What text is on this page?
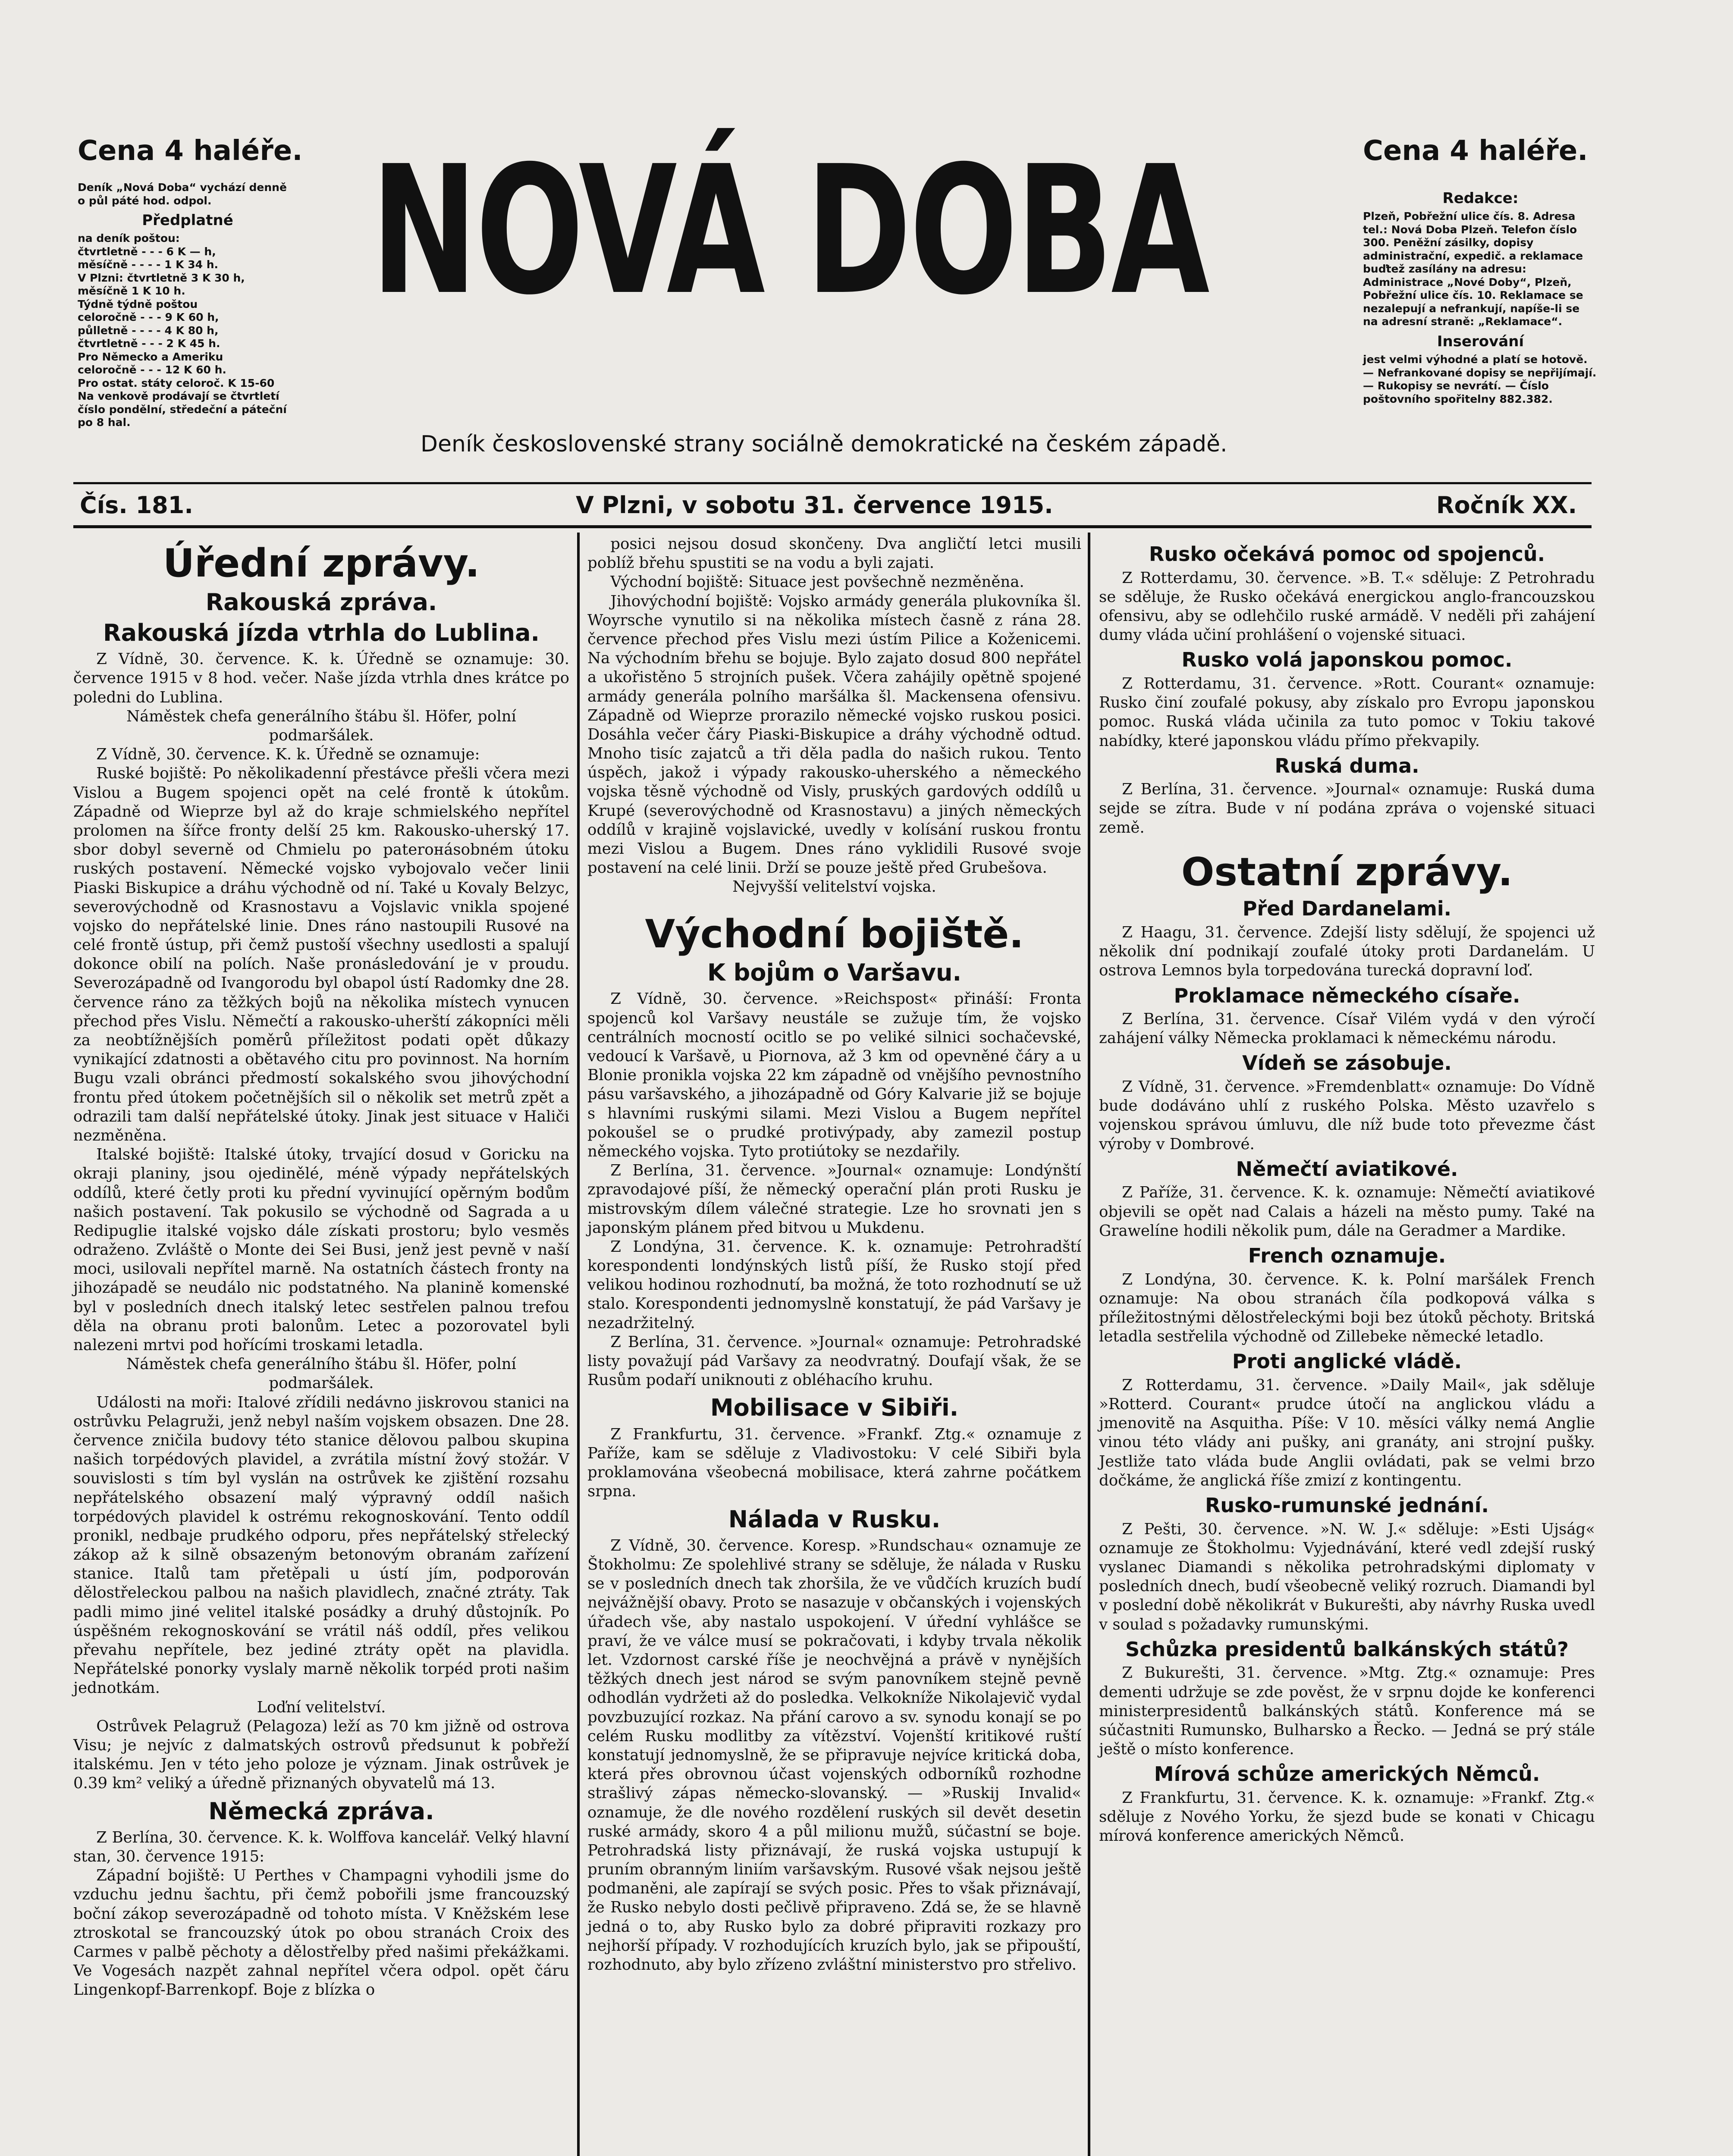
Cena 4 haléře.	Cena 4 haléře.
Deník „Nová Doba“ vychází denně o půl páté hod. odpol.
Předplatné
na deník poštou:
čtvrtletně - - - 6 K — h,
měsíčně - - - - 1 K 34 h.
V Plzni: čtvrtletně 3 K 30 h,
měsíčně 1 K 10 h.
Týdně týdně poštou
celoročně - - - 9 K 60 h,
půlletně - - - - 4 K 80 h,
čtvrtletně - - - 2 K 45 h.
Pro Německo a Ameriku
celoročně - - - 12 K 60 h.
Pro ostat. státy celoroč. K 15-60
Na venkově prodávají se čtvrtletí číslo pondělní, středeční a páteční po 8 hal.
NOVÁ DOBA
Deník československé strany sociálně demokratické na českém západě.
Redakce:
Plzeň, Pobřežní ulice čís. 8. Adresa tel.: Nová Doba Plzeň. Telefon číslo 300. Peněžní zásilky, dopisy administrační, expedič. a reklamace buďtež zasílány na adresu: Administrace „Nové Doby“, Plzeň, Pobřežní ulice čís. 10. Reklamace se nezalepují a nefrankují, napíše-li se na adresní straně: „Reklamace“.
Inserování
jest velmi výhodné a platí se hotově. — Nefrankované dopisy se nepřijímají. — Rukopisy se nevrátí. — Číslo poštovního spořitelny 882.382.
Čís. 181.	V Plzni, v sobotu 31. července 1915.	Ročník XX.
Úřední zprávy.
Rakouská zpráva.
Rakouská jízda vtrhla do Lublina.

Z Vídně, 30. července. K. k. Úředně se oznamuje: 30. července 1915 v 8 hod. večer. Naše jízda vtrhla dnes krátce po poledni do Lublina.

Náměstek chefa generálního štábu šl. Höfer, polní podmaršálek.

Z Vídně, 30. července. K. k. Úředně se oznamuje:

Ruské bojiště: Po několikadenní přestávce přešli včera mezi Vislou a Bugem spojenci opět na celé frontě k útokům. Západně od Wieprze byl až do kraje schmielského nepřítel prolomen na šířce fronty delší 25 km. Rakousko-uherský 17. sbor dobyl severně od Chmielu po paterонásobném útoku ruských postavení. Německé vojsko vybojovalo večer linii Piaski Biskupice a dráhu východně od ní. Také u Kovaly Belzyc, severovýchodně od Krasnostavu a Vojslavic vnikla spojené vojsko do nepřátelské linie. Dnes ráno nastoupili Rusové na celé frontě ústup, při čemž pustoší všechny usedlosti a spalují dokonce obilí na polích. Naše pronásledování je v proudu. Severozápadně od Ivangorodu byl obapol ústí Radomky dne 28. července ráno za těžkých bojů na několika místech vynucen přechod přes Vislu. Němečtí a rakousko-uherští zákopníci měli za neobtížnějších poměrů příležitost podati opět důkazy vynikající zdatnosti a obětavého citu pro povinnost. Na horním Bugu vzali obránci předmostí sokalského svou jihovýchodní frontu před útokem početnějších sil o několik set metrů zpět a odrazili tam další nepřátelské útoky. Jinak jest situace v Haliči nezměněna.

Italské bojiště: Italské útoky, trvající dosud v Goricku na okraji planiny, jsou ojedinělé, méně výpady nepřátelských oddílů, které četly proti ku přední vyvinující opěrným bodům našich postavení. Tak pokusilo se východně od Sagrada a u Redipuglie italské vojsko dále získati prostoru; bylo vesměs odraženo. Zvláště o Monte dei Sei Busi, jenž jest pevně v naší moci, usilovali nepřítel marně. Na ostatních částech fronty na jihozápadě se neudálo nic podstatného. Na planině komenské byl v posledních dnech italský letec sestřelen palnou trefou děla na obranu proti balonům. Letec a pozorovatel byli nalezeni mrtvi pod hořícími troskami letadla.

Náměstek chefa generálního štábu šl. Höfer, polní podmaršálek.

Události na moři: Italové zřídili nedávno jiskrovou stanici na ostrůvku Pelagruži, jenž nebyl naším vojskem obsazen. Dne 28. července zničila budovy této stanice dělovou palbou skupina našich torpédových plavidel, a zvrátila místní žový stožár. V souvislosti s tím byl vyslán na ostrůvek ke zjištění rozsahu nepřátelského obsazení malý výpravný oddíl našich torpédových plavidel k ostrému rekognoskování. Tento oddíl pronikl, nedbaje prudkého odporu, přes nepřátelský střelecký zákop až k silně obsazeným betonovým obranám zařízení stanice. Italů tam přetěpali u ústí jím, podporován dělostřeleckou palbou na našich plavidlech, značné ztráty. Tak padli mimo jiné velitel italské posádky a druhý důstojník. Po úspěšném rekognoskování se vrátil náš oddíl, přes velikou převahu nepřítele, bez jediné ztráty opět na plavidla. Nepřátelské ponorky vyslaly marně několik torpéd proti našim jednotkám.

Loďní velitelství.

Ostrůvek Pelagruž (Pelagoza) leží as 70 km jižně od ostrova Visu; je nejvíc z dalmatských ostrovů předsunut k pobřeží italskému. Jen v této jeho poloze je význam. Jinak ostrůvek je 0.39 km² veliký a úředně přiznaných obyvatelů má 13.

Německá zpráva.

Z Berlína, 30. července. K. k. Wolffova kancelář. Velký hlavní stan, 30. července 1915:

Západní bojiště: U Perthes v Champagni vyhodili jsme do vzduchu jednu šachtu, při čemž pobořili jsme francouzský boční zákop severozápadně od tohoto místa. V Kněžském lese ztroskotal se francouzský útok po obou stranách Croix des Carmes v palbě pěchoty a dělostřelby před našimi překážkami. Ve Vogesách nazpět zahnal nepřítel včera odpol. opět čáru Lingenkopf-Barrenkopf. Boje z blízka o

posici nejsou dosud skončeny. Dva angličtí letci musili poblíž břehu spustiti se na vodu a byli zajati.

Východní bojiště: Situace jest povšechně nezměněna.

Jihovýchodní bojiště: Vojsko armády generála plukovníka šl. Woyrsche vynutilo si na několika místech časně z rána 28. července přechod přes Vislu mezi ústím Pilice a Koženicemi. Na východním břehu se bojuje. Bylo zajato dosud 800 nepřátel a ukořistěno 5 strojních pušek. Včera zahájily opětně spojené armády generála polního maršálka šl. Mackensena ofensivu. Západně od Wieprze prorazilo německé vojsko ruskou posici. Dosáhla večer čáry Piaski-Biskupice a dráhy východně odtud. Mnoho tisíc zajatců a tři děla padla do našich rukou. Tento úspěch, jakož i výpady rakousko-uherského a německého vojska těsně východně od Visly, pruských gardových oddílů u Krupé (severovýchodně od Krasnostavu) a jiných německých oddílů v krajině vojslavické, uvedly v kolísání ruskou frontu mezi Vislou a Bugem. Dnes ráno vyklidili Rusové svoje postavení na celé linii. Drží se pouze ještě před Grubešova.

Nejvyšší velitelství vojska.

Východní bojiště.
K bojům o Varšavu.

Z Vídně, 30. července. »Reichspost« přináší: Fronta spojenců kol Varšavy neustále se zužuje tím, že vojsko centrálních mocností ocitlo se po veliké silnici sochačevské, vedoucí k Varšavě, u Piornova, až 3 km od opevněné čáry a u Blonie pronikla vojska 22 km západně od vnějšího pevnostního pásu varšavského, a jihozápadně od Góry Kalvarie již se bojuje s hlavními ruskými silami. Mezi Vislou a Bugem nepřítel pokoušel se o prudké protivýpady, aby zamezil postup německého vojska. Tyto protiútoky se nezdařily.

Z Berlína, 31. července. »Journal« oznamuje: Londýnští zpravodajové píší, že německý operační plán proti Rusku je mistrovským dílem válečné strategie. Lze ho srovnati jen s japonským plánem před bitvou u Mukdenu.

Z Londýna, 31. července. K. k. oznamuje: Petrohradští korespondenti londýnských listů píší, že Rusko stojí před velikou hodinou rozhodnutí, ba možná, že toto rozhodnutí se už stalo. Korespondenti jednomyslně konstatují, že pád Varšavy je nezadržitelný.

Z Berlína, 31. července. »Journal« oznamuje: Petrohradské listy považují pád Varšavy za neodvratný. Doufají však, že se Rusům podaří uniknouti z obléhacího kruhu.

Mobilisace v Sibiři.

Z Frankfurtu, 31. července. »Frankf. Ztg.« oznamuje z Paříže, kam se sděluje z Vladivostoku: V celé Sibiři byla proklamována všeobecná mobilisace, která zahrne počátkem srpna.

Nálada v Rusku.

Z Vídně, 30. července. Koresp. »Rundschau« oznamuje ze Štokholmu: Ze spolehlivé strany se sděluje, že nálada v Rusku se v posledních dnech tak zhoršila, že ve vůdčích kruzích budí nejvážnější obavy. Proto se nasazuje v občanských i vojenských úřadech vše, aby nastalo uspokojení. V úřední vyhlášce se praví, že ve válce musí se pokračovati, i kdyby trvala několik let. Vzdornost carské říše je neochvějná a právě v nynějších těžkých dnech jest národ se svým panovníkem stejně pevně odhodlán vydržeti až do posledka. Velkokníže Nikolajevič vydal povzbuzující rozkaz. Na přání carovo a sv. synodu konají se po celém Rusku modlitby za vítězství. Vojenští kritikové ruští konstatují jednomyslně, že se připravuje nejvíce kritická doba, která přes obrovnou účast vojenských odborníků rozhodne strašlivý zápas německo-slovanský. — »Ruskij Invalid« oznamuje, že dle nového rozdělení ruských sil devět desetin ruské armády, skoro 4 a půl milionu mužů, súčastní se boje. Petrohradská listy přiznávají, že ruská vojska ustupují k pruním obranným liniím varšavským. Rusové však nejsou ještě podmaněni, ale zapírají se svých posic. Přes to však přiznávají, že Rusko nebylo dosti pečlivě připraveno. Zdá se, že se hlavně jedná o to, aby Rusko bylo za dobré připraviti rozkazy pro nejhorší případy. V rozhodujících kruzích bylo, jak se připouští, rozhodnuto, aby bylo zřízeno zvláštní ministerstvo pro střelivo.

Rusko očekává pomoc od spojenců.

Z Rotterdamu, 30. července. »B. T.« sděluje: Z Petrohradu se sděluje, že Rusko očekává energickou anglo-francouzskou ofensivu, aby se odlehčilo ruské armádě. V neděli při zahájení dumy vláda učiní prohlášení o vojenské situaci.

Rusko volá japonskou pomoc.

Z Rotterdamu, 31. července. »Rott. Courant« oznamuje: Rusko činí zoufalé pokusy, aby získalo pro Evropu japonskou pomoc. Ruská vláda učinila za tuto pomoc v Tokiu takové nabídky, které japonskou vládu přímo překvapily.

Ruská duma.

Z Berlína, 31. července. »Journal« oznamuje: Ruská duma sejde se zítra. Bude v ní podána zpráva o vojenské situaci země.

Ostatní zprávy.
Před Dardanelami.

Z Haagu, 31. července. Zdejší listy sdělují, že spojenci už několik dní podnikají zoufalé útoky proti Dardanelám. U ostrova Lemnos byla torpedována turecká dopravní loď.

Proklamace německého císaře.

Z Berlína, 31. července. Císař Vilém vydá v den výročí zahájení války Německa proklamaci k německému národu.

Vídeň se zásobuje.

Z Vídně, 31. července. »Fremdenblatt« oznamuje: Do Vídně bude dodáváno uhlí z ruského Polska. Město uzavřelo s vojenskou správou úmluvu, dle níž bude toto převezme část výroby v Dombrové.

Němečtí aviatikové.

Z Paříže, 31. července. K. k. oznamuje: Němečtí aviatikové objevili se opět nad Calais a házeli na město pumy. Také na Grawelíne hodili několik pum, dále na Geradmer a Mardike.

French oznamuje.

Z Londýna, 30. července. K. k. Polní maršálek French oznamuje: Na obou stranách číla podkopová válka s příležitostnými dělostřeleckými boji bez útoků pěchoty. Britská letadla sestřelila východně od Zillebeke německé letadlo.

Proti anglické vládě.

Z Rotterdamu, 31. července. »Daily Mail«, jak sděluje »Rotterd. Courant« prudce útočí na anglickou vládu a jmenovitě na Asquitha. Píše: V 10. měsíci války nemá Anglie vinou této vlády ani pušky, ani granáty, ani strojní pušky. Jestliže tato vláda bude Anglii ovládati, pak se velmi brzo dočkáme, že anglická říše zmizí z kontingentu.

Rusko-rumunské jednání.

Z Pešti, 30. července. »N. W. J.« sděluje: »Esti Ujság« oznamuje ze Štokholmu: Vyjednávání, které vedl zdejší ruský vyslanec Diamandi s několika petrohradskými diplomaty v posledních dnech, budí všeobecně veliký rozruch. Diamandi byl v poslední době několikrát v Bukurešti, aby návrhy Ruska uvedl v soulad s požadavky rumunskými.

Schůzka presidentů balkánských států?

Z Bukurešti, 31. července. »Mtg. Ztg.« oznamuje: Pres dementi udržuje se zde pověst, že v srpnu dojde ke konferenci ministerpresidentů balkánských států. Konference má se súčastniti Rumunsko, Bulharsko a Řecko. — Jedná se prý stále ještě o místo konference.

Mírová schůze amerických Němců.

Z Frankfurtu, 31. července. K. k. oznamuje: »Frankf. Ztg.« sděluje z Nového Yorku, že sjezd bude se konati v Chicagu mírová konference amerických Němců.
